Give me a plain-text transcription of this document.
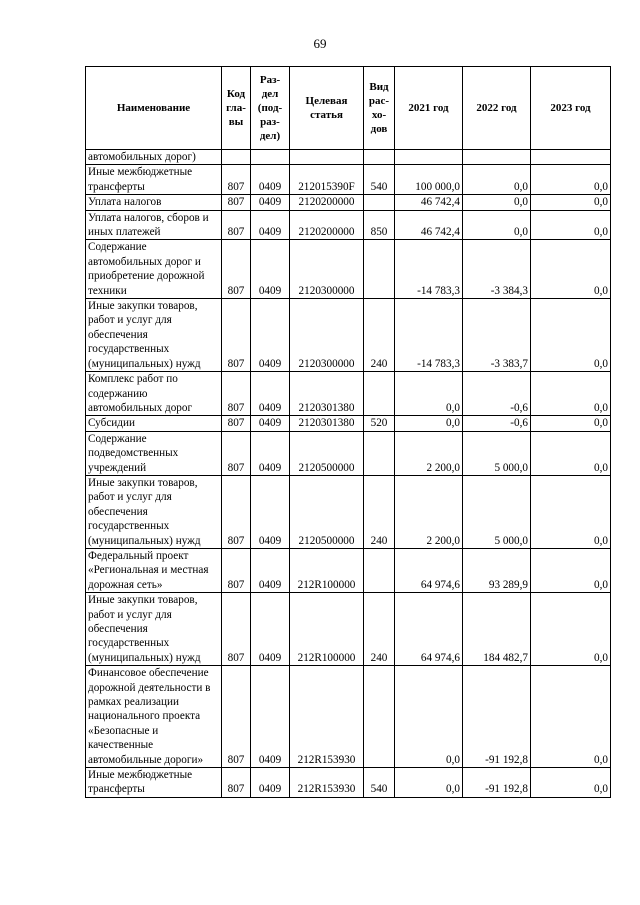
69
Наименование	Код гла- вы	Раз- дел (под- раз- дел)	Целевая статья	Вид рас- хо- дов	2021 год	2022 год	2023 год
автомобильных дорог)							
Иные межбюджетные трансферты	807	0409	212015390F	540	100 000,0	0,0	0,0
Уплата налогов	807	0409	2120200000		46 742,4	0,0	0,0
Уплата налогов, сборов и иных платежей	807	0409	2120200000	850	46 742,4	0,0	0,0
Содержание автомобильных дорог и приобретение дорожной техники	807	0409	2120300000		-14 783,3	-3 384,3	0,0
Иные закупки товаров, работ и услуг для обеспечения государственных (муниципальных) нужд	807	0409	2120300000	240	-14 783,3	-3 383,7	0,0
Комплекс работ по содержанию автомобильных дорог	807	0409	2120301380		0,0	-0,6	0,0
Субсидии	807	0409	2120301380	520	0,0	-0,6	0,0
Содержание подведомственных учреждений	807	0409	2120500000		2 200,0	5 000,0	0,0
Иные закупки товаров, работ и услуг для обеспечения государственных (муниципальных) нужд	807	0409	2120500000	240	2 200,0	5 000,0	0,0
Федеральный проект «Региональная и местная дорожная сеть»	807	0409	212R100000		64 974,6	93 289,9	0,0
Иные закупки товаров, работ и услуг для обеспечения государственных (муниципальных) нужд	807	0409	212R100000	240	64 974,6	184 482,7	0,0
Финансовое обеспечение дорожной деятельности в рамках реализации национального проекта «Безопасные и качественные автомобильные дороги»	807	0409	212R153930		0,0	-91 192,8	0,0
Иные межбюджетные трансферты	807	0409	212R153930	540	0,0	-91 192,8	0,0
